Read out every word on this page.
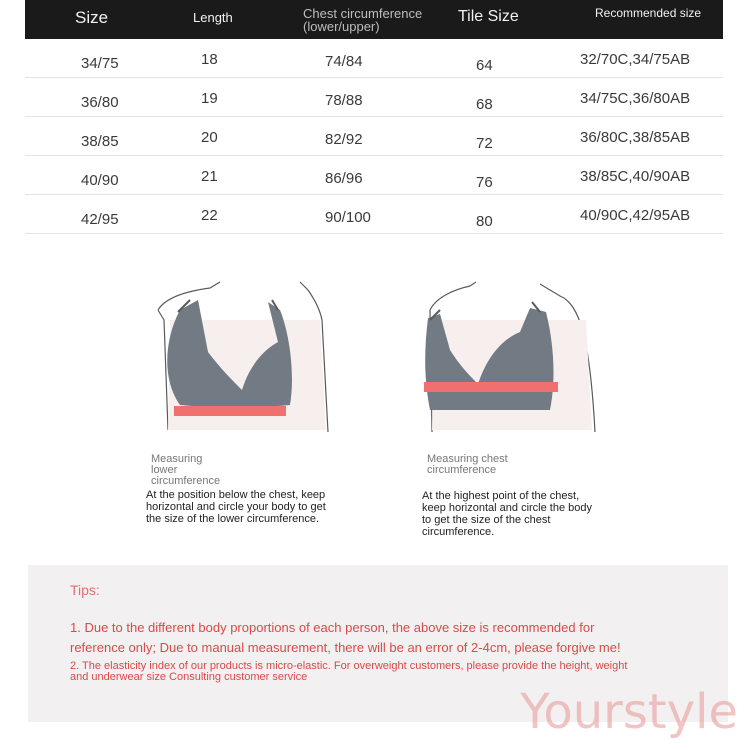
Size	Length	Chest circumference
(lower/upper)
Tile Size	Recommended size
34/75	18	74/84	64	32/70C,34/75AB
36/80	19	78/88	68	34/75C,36/80AB
38/85	20	82/92	72	36/80C,38/85AB
40/90	21	86/96	76	38/85C,40/90AB
42/95	22	90/100	80	40/90C,42/95AB
Measuring
lower
circumference
At the position below the chest, keep
horizontal and circle your body to get
the size of the lower circumference.
Measuring chest
circumference
At the highest point of the chest,
keep horizontal and circle the body
to get the size of the chest
circumference.
Tips:
1. Due to the different body proportions of each person, the above size is recommended for
reference only; Due to manual measurement, there will be an error of 2-4cm, please forgive me!
2. The elasticity index of our products is micro-elastic. For overweight customers, please provide the height, weight
and underwear size Consulting customer service
Yourstyle
